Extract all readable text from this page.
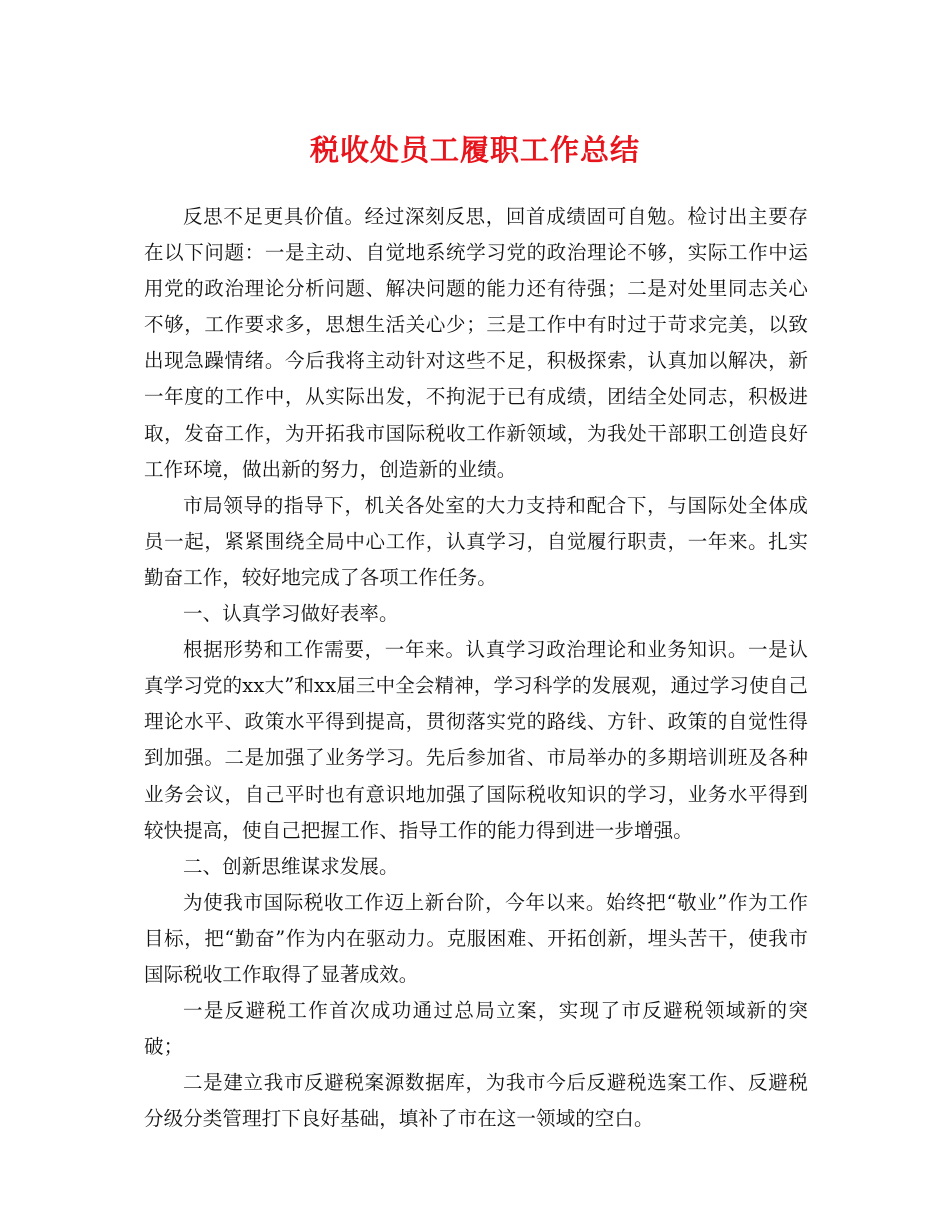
税收处员工履职工作总结

反思不足更具价值。经过深刻反思，回首成绩固可自勉。检讨出主要存在以下问题：一是主动、自觉地系统学习党的政治理论不够，实际工作中运用党的政治理论分析问题、解决问题的能力还有待强；二是对处里同志关心不够，工作要求多，思想生活关心少；三是工作中有时过于苛求完美，以致出现急躁情绪。今后我将主动针对这些不足，积极探索，认真加以解决，新一年度的工作中，从实际出发，不拘泥于已有成绩，团结全处同志，积极进取，发奋工作，为开拓我市国际税收工作新领域，为我处干部职工创造良好工作环境，做出新的努力，创造新的业绩。

市局领导的指导下，机关各处室的大力支持和配合下，与国际处全体成员一起，紧紧围绕全局中心工作，认真学习，自觉履行职责，一年来。扎实勤奋工作，较好地完成了各项工作任务。

一、认真学习做好表率。

根据形势和工作需要，一年来。认真学习政治理论和业务知识。一是认真学习党的xx大”和xx届三中全会精神，学习科学的发展观，通过学习使自己理论水平、政策水平得到提高，贯彻落实党的路线、方针、政策的自觉性得到加强。二是加强了业务学习。先后参加省、市局举办的多期培训班及各种业务会议，自己平时也有意识地加强了国际税收知识的学习，业务水平得到较快提高，使自己把握工作、指导工作的能力得到进一步增强。

二、创新思维谋求发展。

为使我市国际税收工作迈上新台阶，今年以来。始终把“敬业”作为工作目标，把“勤奋”作为内在驱动力。克服困难、开拓创新，埋头苦干，使我市国际税收工作取得了显著成效。

一是反避税工作首次成功通过总局立案，实现了市反避税领域新的突破；

二是建立我市反避税案源数据库，为我市今后反避税选案工作、反避税分级分类管理打下良好基础，填补了市在这一领域的空白。
